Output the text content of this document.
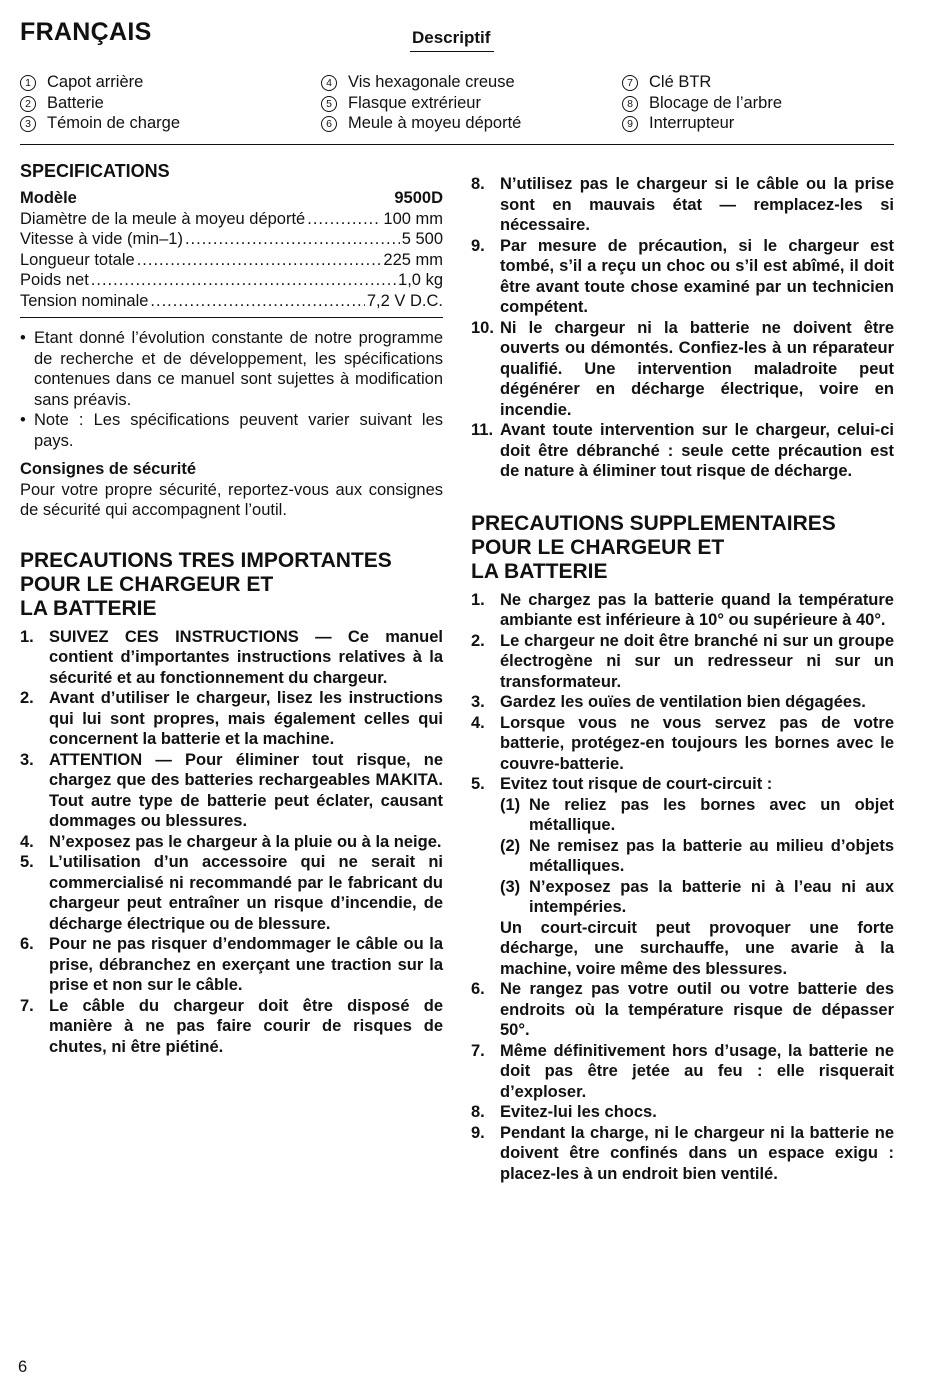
FRANÇAIS	Descriptif
1 Capot arrière
2 Batterie
3 Témoin de charge
4 Vis hexagonale creuse
5 Flasque extrérieur
6 Meule à moyeu déporté
7 Clé BTR
8 Blocage de l’arbre
9 Interrupteur
SPECIFICATIONS
Modèle	9500D
Diamètre de la meule à moyeu déporté .....	100 mm
Vitesse à vide (min–1) .....	5 500
Longueur totale .....	225 mm
Poids net .....	1,0 kg
Tension nominale .....	7,2 V D.C.
• Etant donné l’évolution constante de notre programme de recherche et de développement, les spécifications contenues dans ce manuel sont sujettes à modification sans préavis.
• Note : Les spécifications peuvent varier suivant les pays.
Consignes de sécurité
Pour votre propre sécurité, reportez-vous aux consignes de sécurité qui accompagnent l’outil.
PRECAUTIONS TRES IMPORTANTES
POUR LE CHARGEUR ET
LA BATTERIE
1. SUIVEZ CES INSTRUCTIONS — Ce manuel contient d’importantes instructions relatives à la sécurité et au fonctionnement du chargeur.
2. Avant d’utiliser le chargeur, lisez les instructions qui lui sont propres, mais également celles qui concernent la batterie et la machine.
3. ATTENTION — Pour éliminer tout risque, ne chargez que des batteries rechargeables MAKITA. Tout autre type de batterie peut éclater, causant dommages ou blessures.
4. N’exposez pas le chargeur à la pluie ou à la neige.
5. L’utilisation d’un accessoire qui ne serait ni commercialisé ni recommandé par le fabricant du chargeur peut entraîner un risque d’incendie, de décharge électrique ou de blessure.
6. Pour ne pas risquer d’endommager le câble ou la prise, débranchez en exerçant une traction sur la prise et non sur le câble.
7. Le câble du chargeur doit être disposé de manière à ne pas faire courir de risques de chutes, ni être piétiné.
8. N’utilisez pas le chargeur si le câble ou la prise sont en mauvais état — remplacez-les si nécessaire.
9. Par mesure de précaution, si le chargeur est tombé, s’il a reçu un choc ou s’il est abîmé, il doit être avant toute chose examiné par un technicien compétent.
10. Ni le chargeur ni la batterie ne doivent être ouverts ou démontés. Confiez-les à un réparateur qualifié. Une intervention maladroite peut dégénérer en décharge électrique, voire en incendie.
11. Avant toute intervention sur le chargeur, celui-ci doit être débranché : seule cette précaution est de nature à éliminer tout risque de décharge.
PRECAUTIONS SUPPLEMENTAIRES
POUR LE CHARGEUR ET
LA BATTERIE
1. Ne chargez pas la batterie quand la température ambiante est inférieure à 10° ou supérieure à 40°.
2. Le chargeur ne doit être branché ni sur un groupe électrogène ni sur un redresseur ni sur un transformateur.
3. Gardez les ouïes de ventilation bien dégagées.
4. Lorsque vous ne vous servez pas de votre batterie, protégez-en toujours les bornes avec le couvre-batterie.
5. Evitez tout risque de court-circuit :
(1) Ne reliez pas les bornes avec un objet métallique.
(2) Ne remisez pas la batterie au milieu d’objets métalliques.
(3) N’exposez pas la batterie ni à l’eau ni aux intempéries.
Un court-circuit peut provoquer une forte décharge, une surchauffe, une avarie à la machine, voire même des blessures.
6. Ne rangez pas votre outil ou votre batterie des endroits où la température risque de dépasser 50°.
7. Même définitivement hors d’usage, la batterie ne doit pas être jetée au feu : elle risquerait d’exploser.
8. Evitez-lui les chocs.
9. Pendant la charge, ni le chargeur ni la batterie ne doivent être confinés dans un espace exigu : placez-les à un endroit bien ventilé.
6
